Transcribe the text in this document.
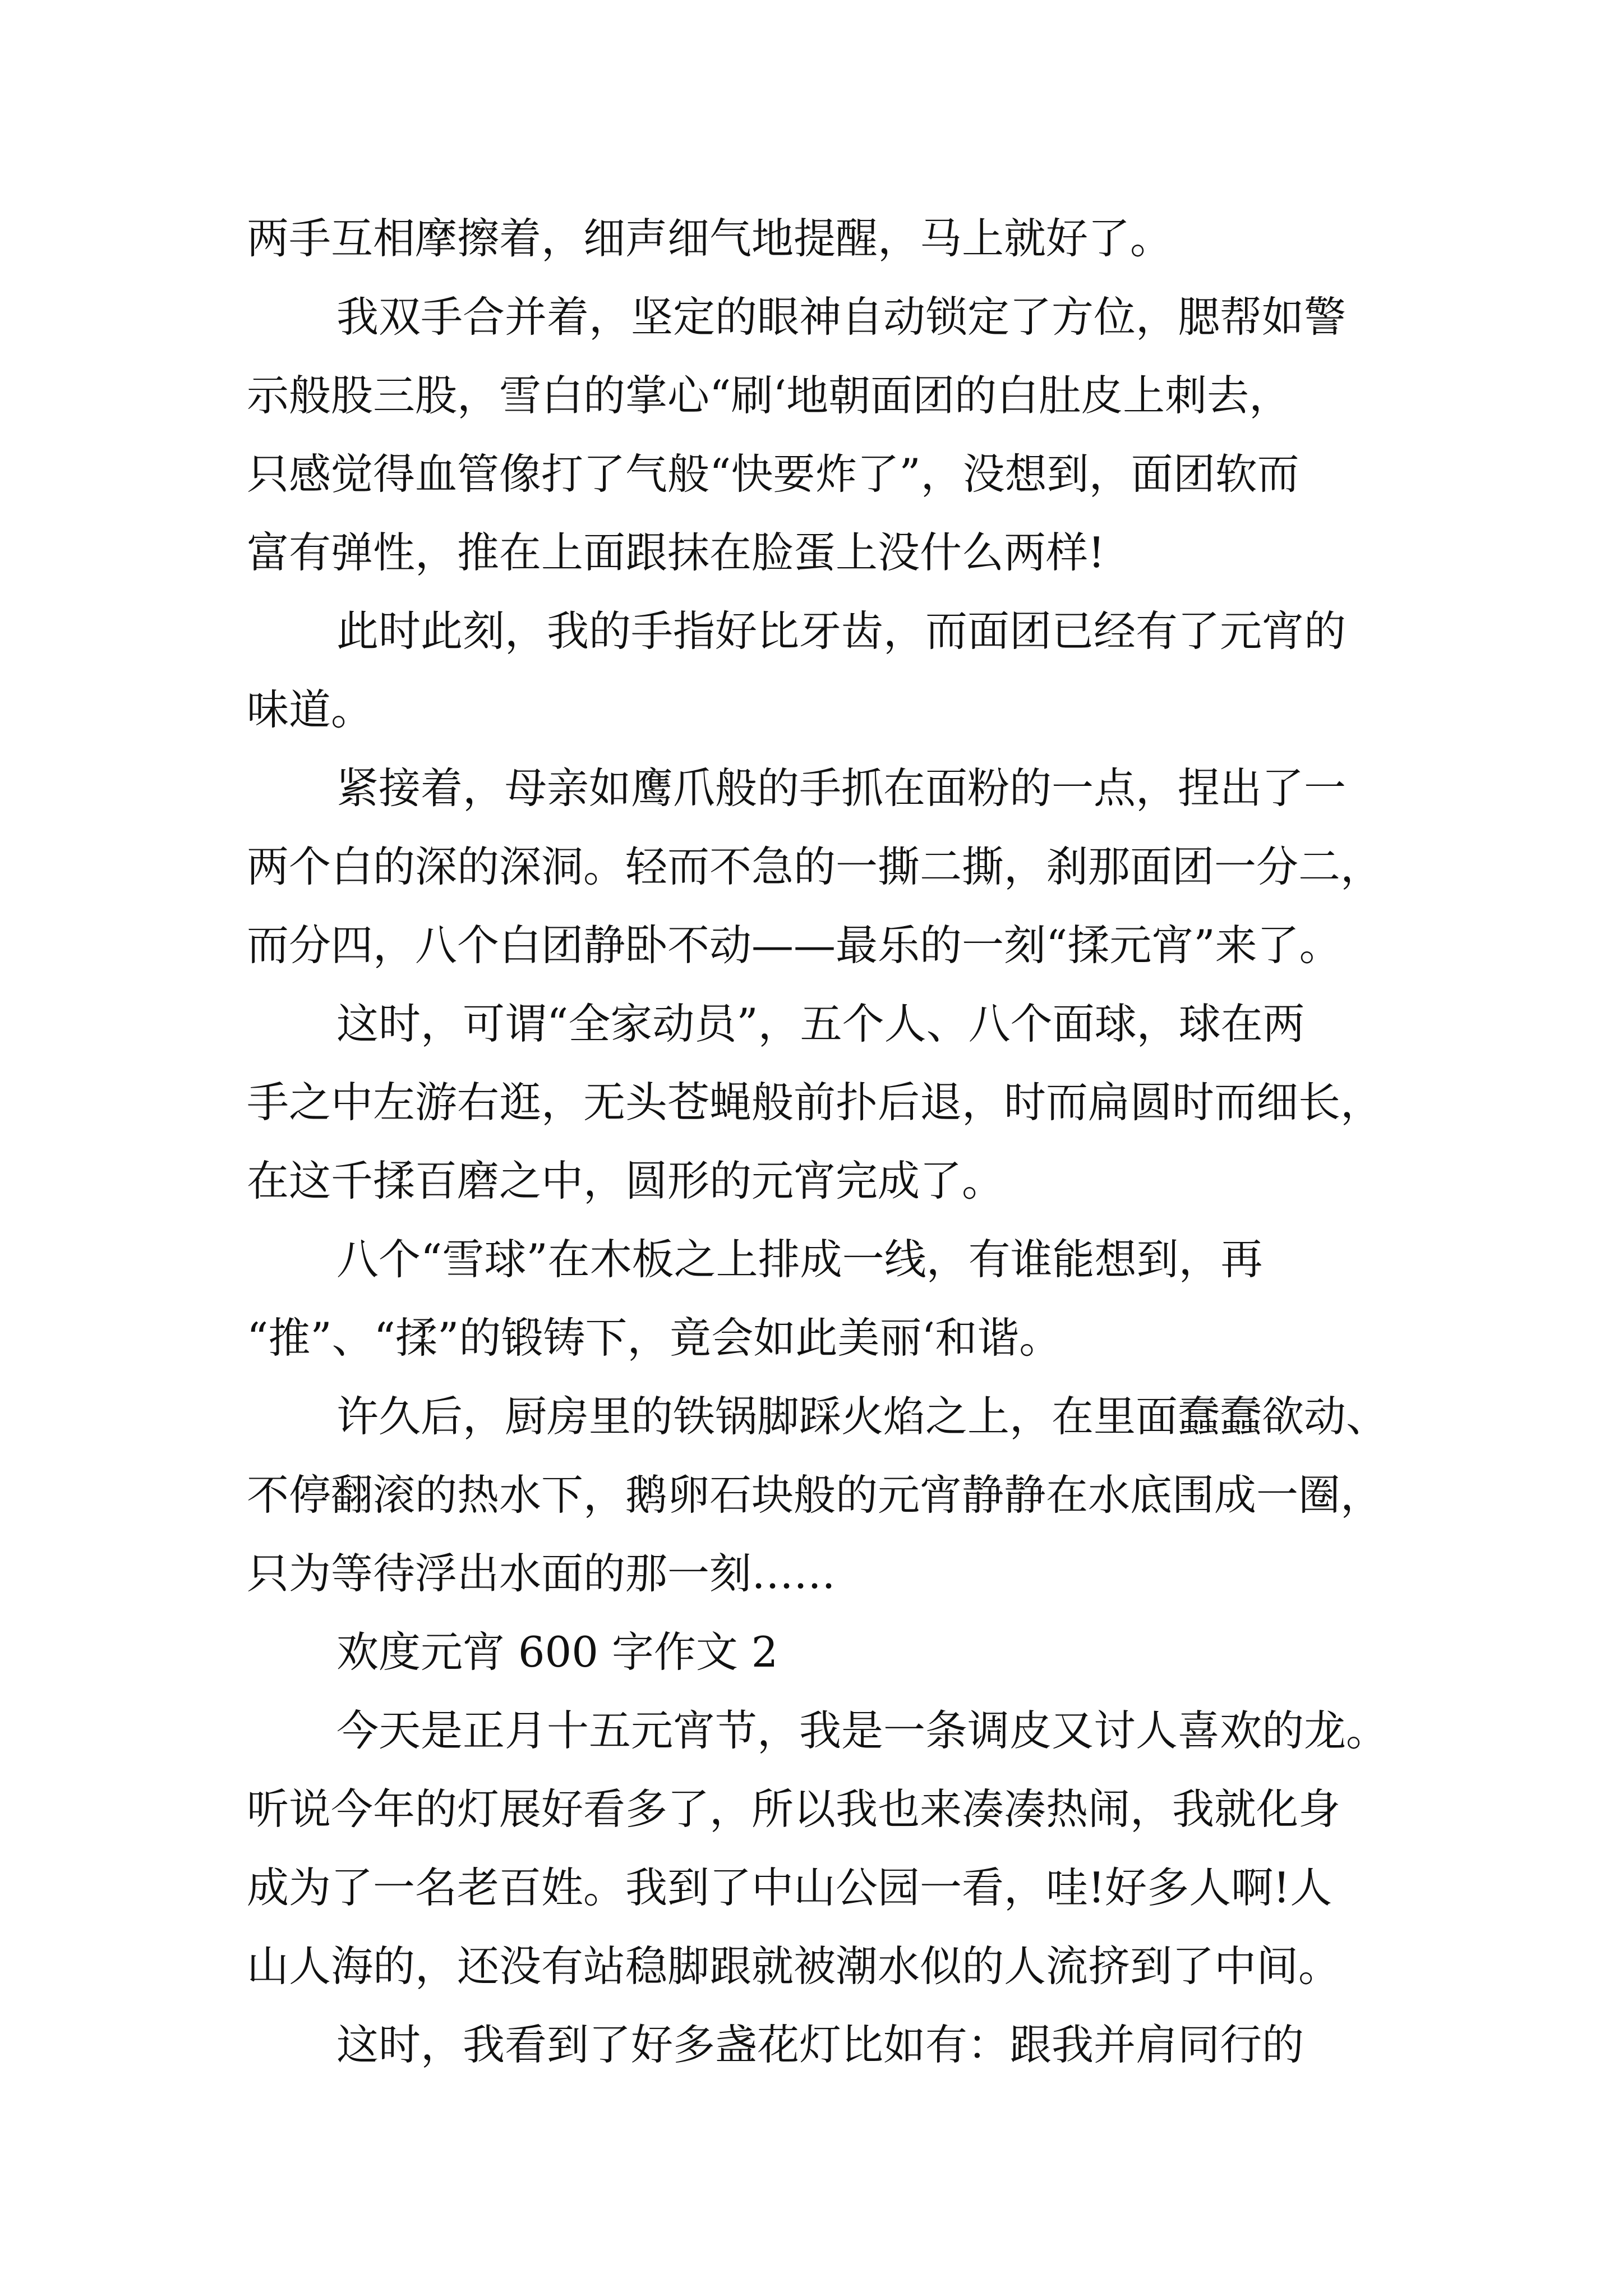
两手互相摩擦着，细声细气地提醒，马上就好了。
我双手合并着，坚定的眼神自动锁定了方位，腮帮如警
示般股三股，雪白的掌心“刷‘地朝面团的白肚皮上刺去，
只感觉得血管像打了气般“快要炸了”，没想到，面团软而
富有弹性，推在上面跟抹在脸蛋上没什么两样!
此时此刻，我的手指好比牙齿，而面团已经有了元宵的
味道。
紧接着，母亲如鹰爪般的手抓在面粉的一点，捏出了一
两个白的深的深洞。轻而不急的一撕二撕，刹那面团一分二，
而分四，八个白团静卧不动——最乐的一刻“揉元宵”来了。
这时，可谓“全家动员”，五个人、八个面球，球在两
手之中左游右逛，无头苍蝇般前扑后退，时而扁圆时而细长，
在这千揉百磨之中，圆形的元宵完成了。
八个“雪球”在木板之上排成一线，有谁能想到，再
“推”、“揉”的锻铸下，竟会如此美丽‘和谐。
许久后，厨房里的铁锅脚踩火焰之上，在里面蠢蠢欲动、
不停翻滚的热水下，鹅卵石块般的元宵静静在水底围成一圈，
只为等待浮出水面的那一刻……
欢度元宵 600 字作文 2
今天是正月十五元宵节，我是一条调皮又讨人喜欢的龙。
听说今年的灯展好看多了，所以我也来凑凑热闹，我就化身
成为了一名老百姓。我到了中山公园一看，哇!好多人啊!人
山人海的，还没有站稳脚跟就被潮水似的人流挤到了中间。
这时，我看到了好多盏花灯比如有：跟我并肩同行的
